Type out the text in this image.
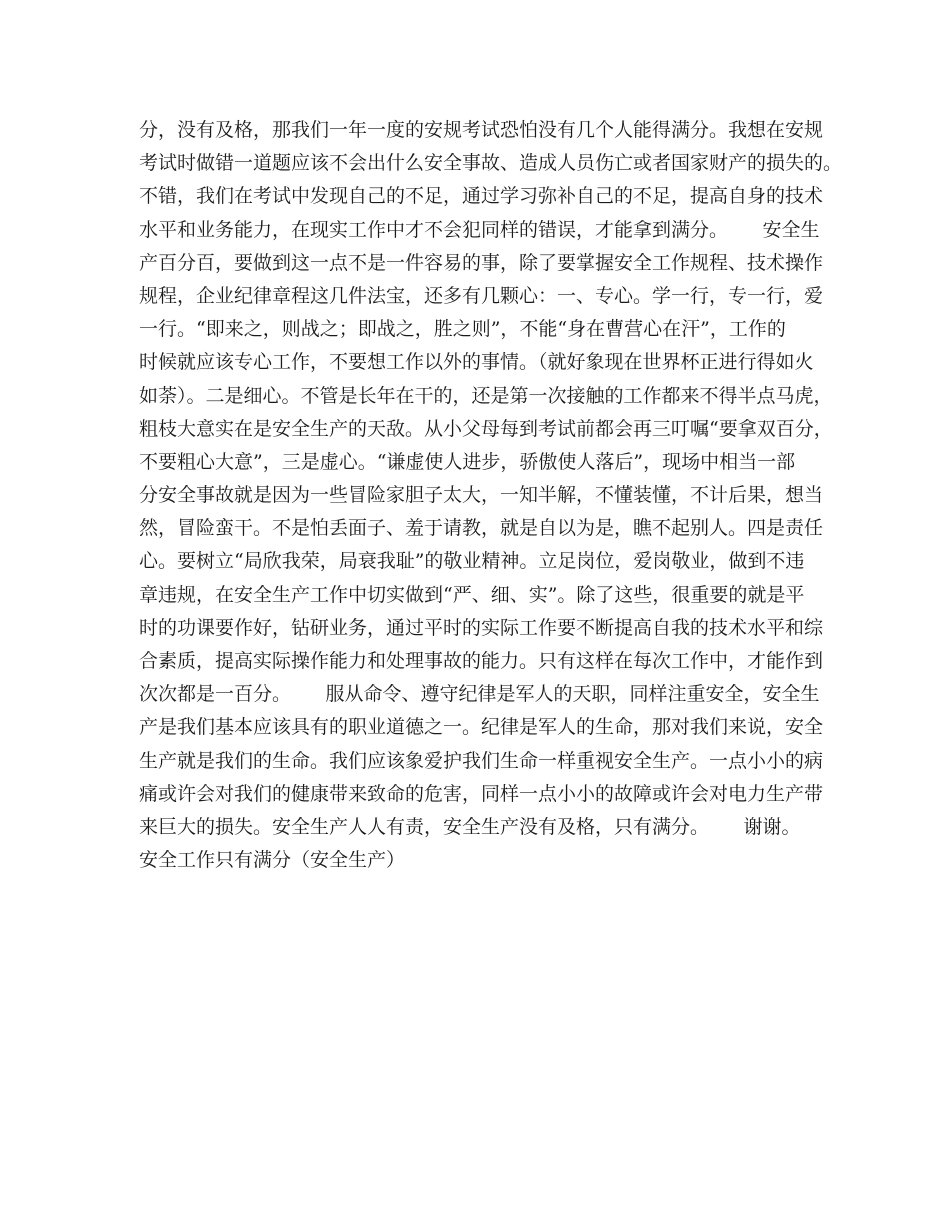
分，没有及格，那我们一年一度的安规考试恐怕没有几个人能得满分。我想在安规
考试时做错一道题应该不会出什么安全事故、造成人员伤亡或者国家财产的损失的。
不错，我们在考试中发现自己的不足，通过学习弥补自己的不足，提高自身的技术
水平和业务能力，在现实工作中才不会犯同样的错误，才能拿到满分。　　 安全生
产百分百，要做到这一点不是一件容易的事，除了要掌握安全工作规程、技术操作
规程，企业纪律章程这几件法宝，还多有几颗心：一、专心。学一行，专一行，爱
一行。“即来之，则战之；即战之，胜之则”，不能“身在曹营心在汗”，工作的
时候就应该专心工作，不要想工作以外的事情。（就好象现在世界杯正进行得如火
如荼）。二是细心。不管是长年在干的，还是第一次接触的工作都来不得半点马虎，
粗枝大意实在是安全生产的天敌。从小父母每到考试前都会再三叮嘱“要拿双百分，
不要粗心大意”，三是虚心。“谦虚使人进步，骄傲使人落后”，现场中相当一部
分安全事故就是因为一些冒险家胆子太大，一知半解，不懂装懂，不计后果，想当
然，冒险蛮干。不是怕丢面子、羞于请教，就是自以为是，瞧不起别人。四是责任
心。要树立“局欣我荣，局衰我耻”的敬业精神。立足岗位，爱岗敬业，做到不违
章违规，在安全生产工作中切实做到“严、细、实”。除了这些，很重要的就是平
时的功课要作好，钻研业务，通过平时的实际工作要不断提高自我的技术水平和综
合素质，提高实际操作能力和处理事故的能力。只有这样在每次工作中，才能作到
次次都是一百分。　　 服从命令、遵守纪律是军人的天职，同样注重安全，安全生
产是我们基本应该具有的职业道德之一。纪律是军人的生命，那对我们来说，安全
生产就是我们的生命。我们应该象爱护我们生命一样重视安全生产。一点小小的病
痛或许会对我们的健康带来致命的危害，同样一点小小的故障或许会对电力生产带
来巨大的损失。安全生产人人有责，安全生产没有及格，只有满分。　　 谢谢。
安全工作只有满分（安全生产）
